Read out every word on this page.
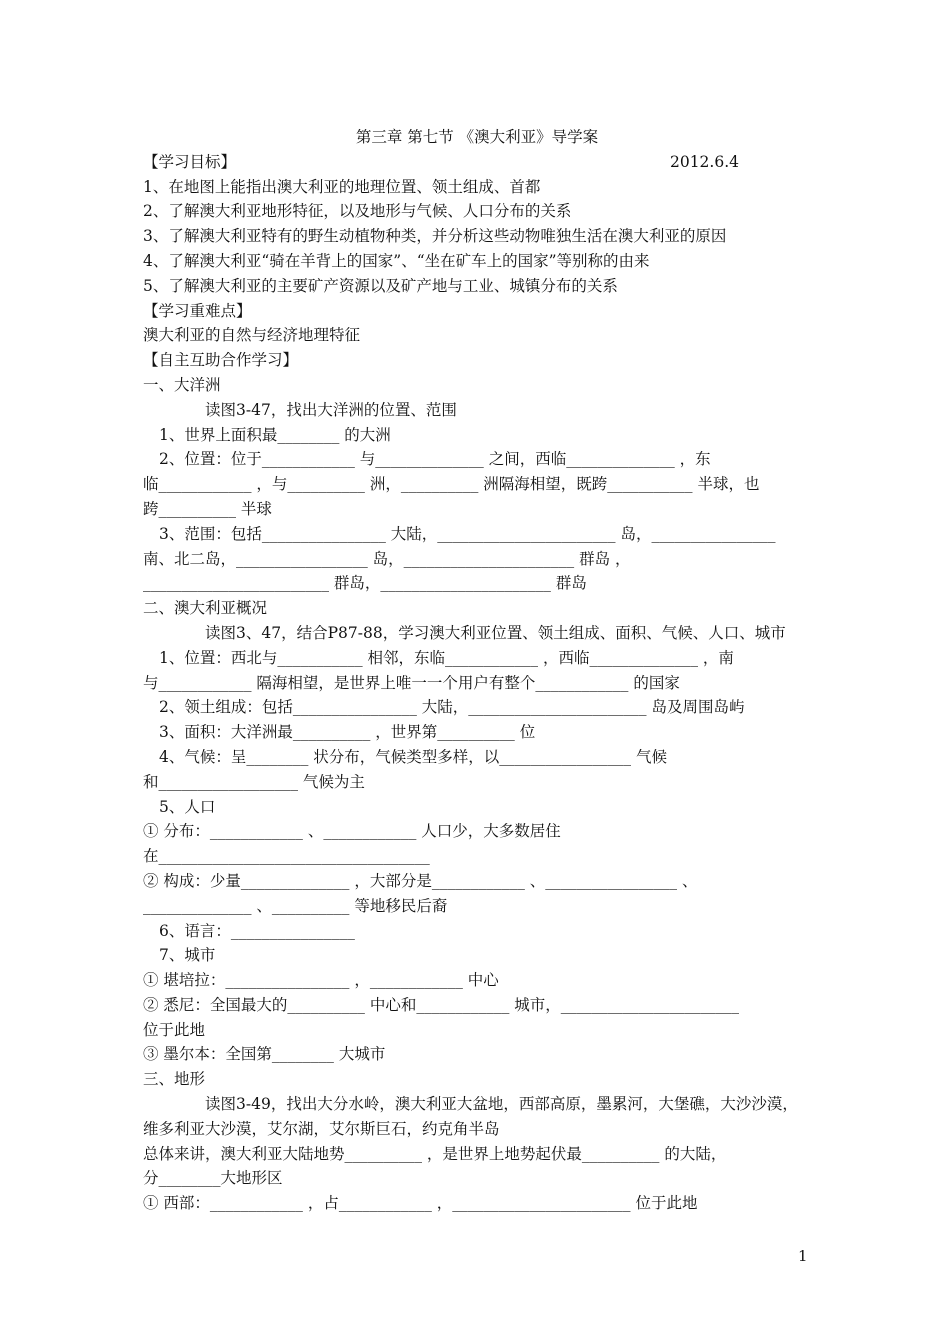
第三章 第七节 《澳大利亚》导学案
【学习目标】	2012.6.4
1、在地图上能指出澳大利亚的地理位置、领土组成、首都
2、了解澳大利亚地形特征，以及地形与气候、人口分布的关系
3、了解澳大利亚特有的野生动植物种类，并分析这些动物唯独生活在澳大利亚的原因
4、了解澳大利亚“骑在羊背上的国家”、“坐在矿车上的国家”等别称的由来
5、了解澳大利亚的主要矿产资源以及矿产地与工业、城镇分布的关系
【学习重难点】
澳大利亚的自然与经济地理特征
【自主互助合作学习】
一、大洋洲
读图3-47，找出大洋洲的位置、范围
1、世界上面积最________ 的大洲
2、位置：位于____________ 与______________ 之间，西临______________ ，东
临____________ ，与__________ 洲，__________ 洲隔海相望，既跨___________ 半球，也
跨__________ 半球
3、范围：包括________________ 大陆，_______________________ 岛，________________
南、北二岛，_________________ 岛，______________________ 群岛 ，
________________________ 群岛，______________________ 群岛
二、澳大利亚概况
读图3、47，结合P87-88，学习澳大利亚位置、领土组成、面积、气候、人口、城市
1、位置：西北与___________ 相邻，东临____________ ，西临______________ ，南
与____________ 隔海相望，是世界上唯一一个用户有整个____________ 的国家
2、领土组成：包括________________ 大陆，_______________________ 岛及周围岛屿
3、面积：大洋洲最__________ ，世界第__________ 位
4、气候：呈________ 状分布，气候类型多样，以_________________ 气候
和__________________ 气候为主
5、人口
① 分布：____________ 、____________ 人口少，大多数居住
在___________________________________
② 构成：少量______________ ，大部分是____________ 、_________________ 、
______________ 、__________ 等地移民后裔
6、语言：________________
7、城市
① 堪培拉：________________ ，____________ 中心
② 悉尼：全国最大的__________ 中心和____________ 城市，_______________________
位于此地
③ 墨尔本：全国第________ 大城市
三、地形
读图3-49，找出大分水岭，澳大利亚大盆地，西部高原，墨累河，大堡礁，大沙沙漠，
维多利亚大沙漠，艾尔湖，艾尔斯巨石，约克角半岛
总体来讲，澳大利亚大陆地势__________ ，是世界上地势起伏最__________ 的大陆，
分________大地形区
① 西部：____________ ，占____________ ，_______________________ 位于此地
1
